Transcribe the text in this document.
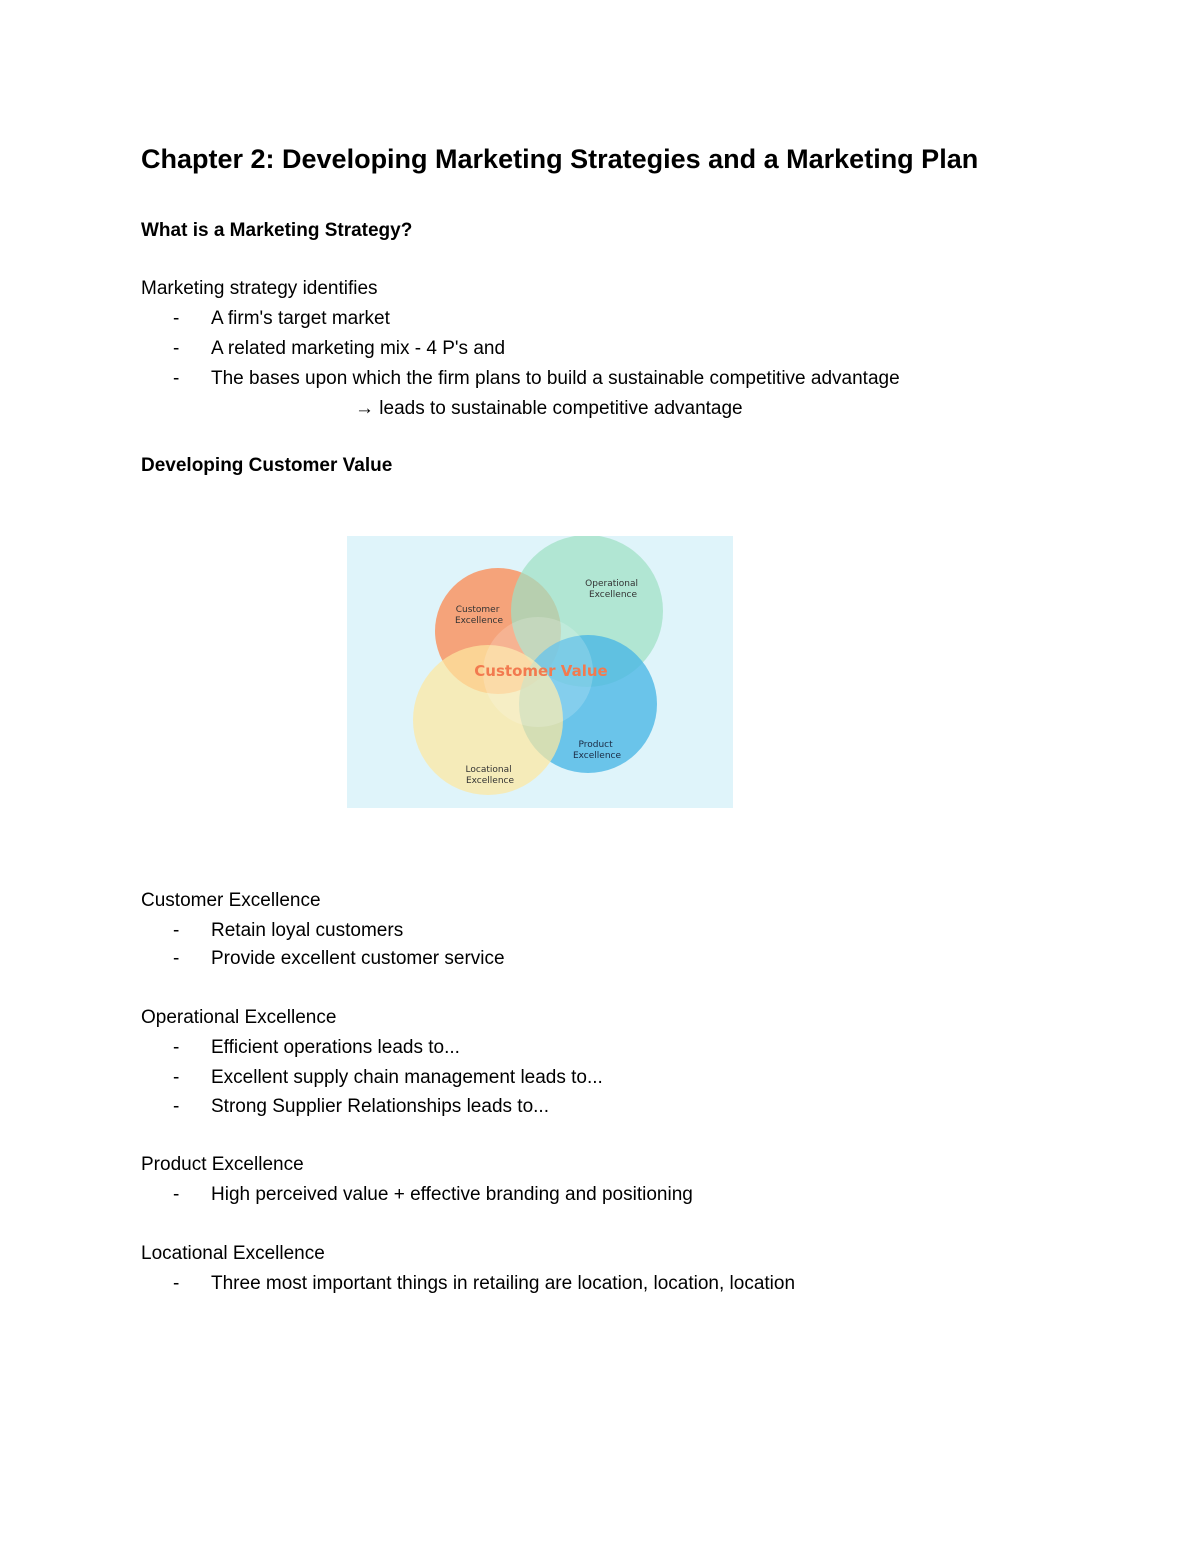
Chapter 2: Developing Marketing Strategies and a Marketing Plan
What is a Marketing Strategy?
Marketing strategy identifies
- A firm's target market
- A related marketing mix - 4 P's and
- The bases upon which the firm plans to build a sustainable competitive advantage
→ leads to sustainable competitive advantage
Developing Customer Value
Customer Excellence
Operational Excellence
Product Excellence
Locational Excellence
Customer Value
Customer Excellence
- Retain loyal customers
- Provide excellent customer service
Operational Excellence
- Efficient operations leads to...
- Excellent supply chain management leads to...
- Strong Supplier Relationships leads to...
Product Excellence
- High perceived value + effective branding and positioning
Locational Excellence
- Three most important things in retailing are location, location, location
